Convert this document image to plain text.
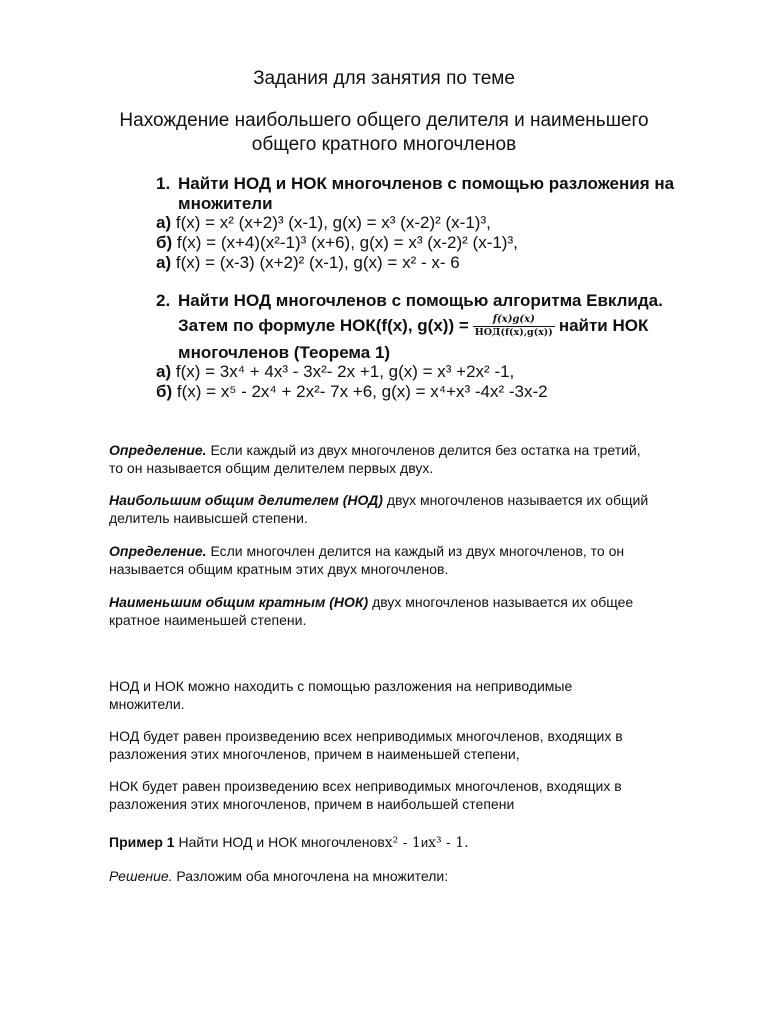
Задания для занятия по теме
Нахождение наибольшего общего делителя и наименьшего
общего кратного многочленов
1. Найти НОД и НОК многочленов с помощью разложения на
множители
а) f(x) = x² (x+2)³ (x-1), g(x) = x³ (x-2)² (x-1)³,
б) f(x) = (x+4)(x²-1)³ (x+6), g(x) = x³ (x-2)² (x-1)³,
а) f(x) = (x-3) (x+2)² (x-1), g(x) = x² - x- 6
2. Найти НОД многочленов с помощью алгоритма Евклида.
Затем по формуле НОК(f(x), $g(x)) = \frac{f(x)g(x)}{\text{НОД(f(x),g(x))}}$ найти НОК
многочленов (Теорема 1)
а) f(x) = 3x⁴ + 4x³ - 3x²- 2x +1, g(x) = x³ +2x² -1,
б) f(x) = x⁵ - 2x⁴ + 2x²- 7x +6, g(x) = x⁴+x³ -4x² -3x-2
Определение. Если каждый из двух многочленов делится без остатка на третий,
то он называется общим делителем первых двух.
Наибольшим общим делителем (НОД) двух многочленов называется их общий
делитель наивысшей степени.
Определение. Если многочлен делится на каждый из двух многочленов, то он
называется общим кратным этих двух многочленов.
Наименьшим общим кратным (НОК) двух многочленов называется их общее
кратное наименьшей степени.
НОД и НОК можно находить с помощью разложения на неприводимые
множители.
НОД будет равен произведению всех неприводимых многочленов, входящих в
разложения этих многочленов, причем в наименьшей степени,
НОК будет равен произведению всех неприводимых многочленов, входящих в
разложения этих многочленов, причем в наибольшей степени
Пример 1 Найти НОД и НОК многочленовx² - 1иx³ - 1.
Решение. Разложим оба многочлена на множители:
